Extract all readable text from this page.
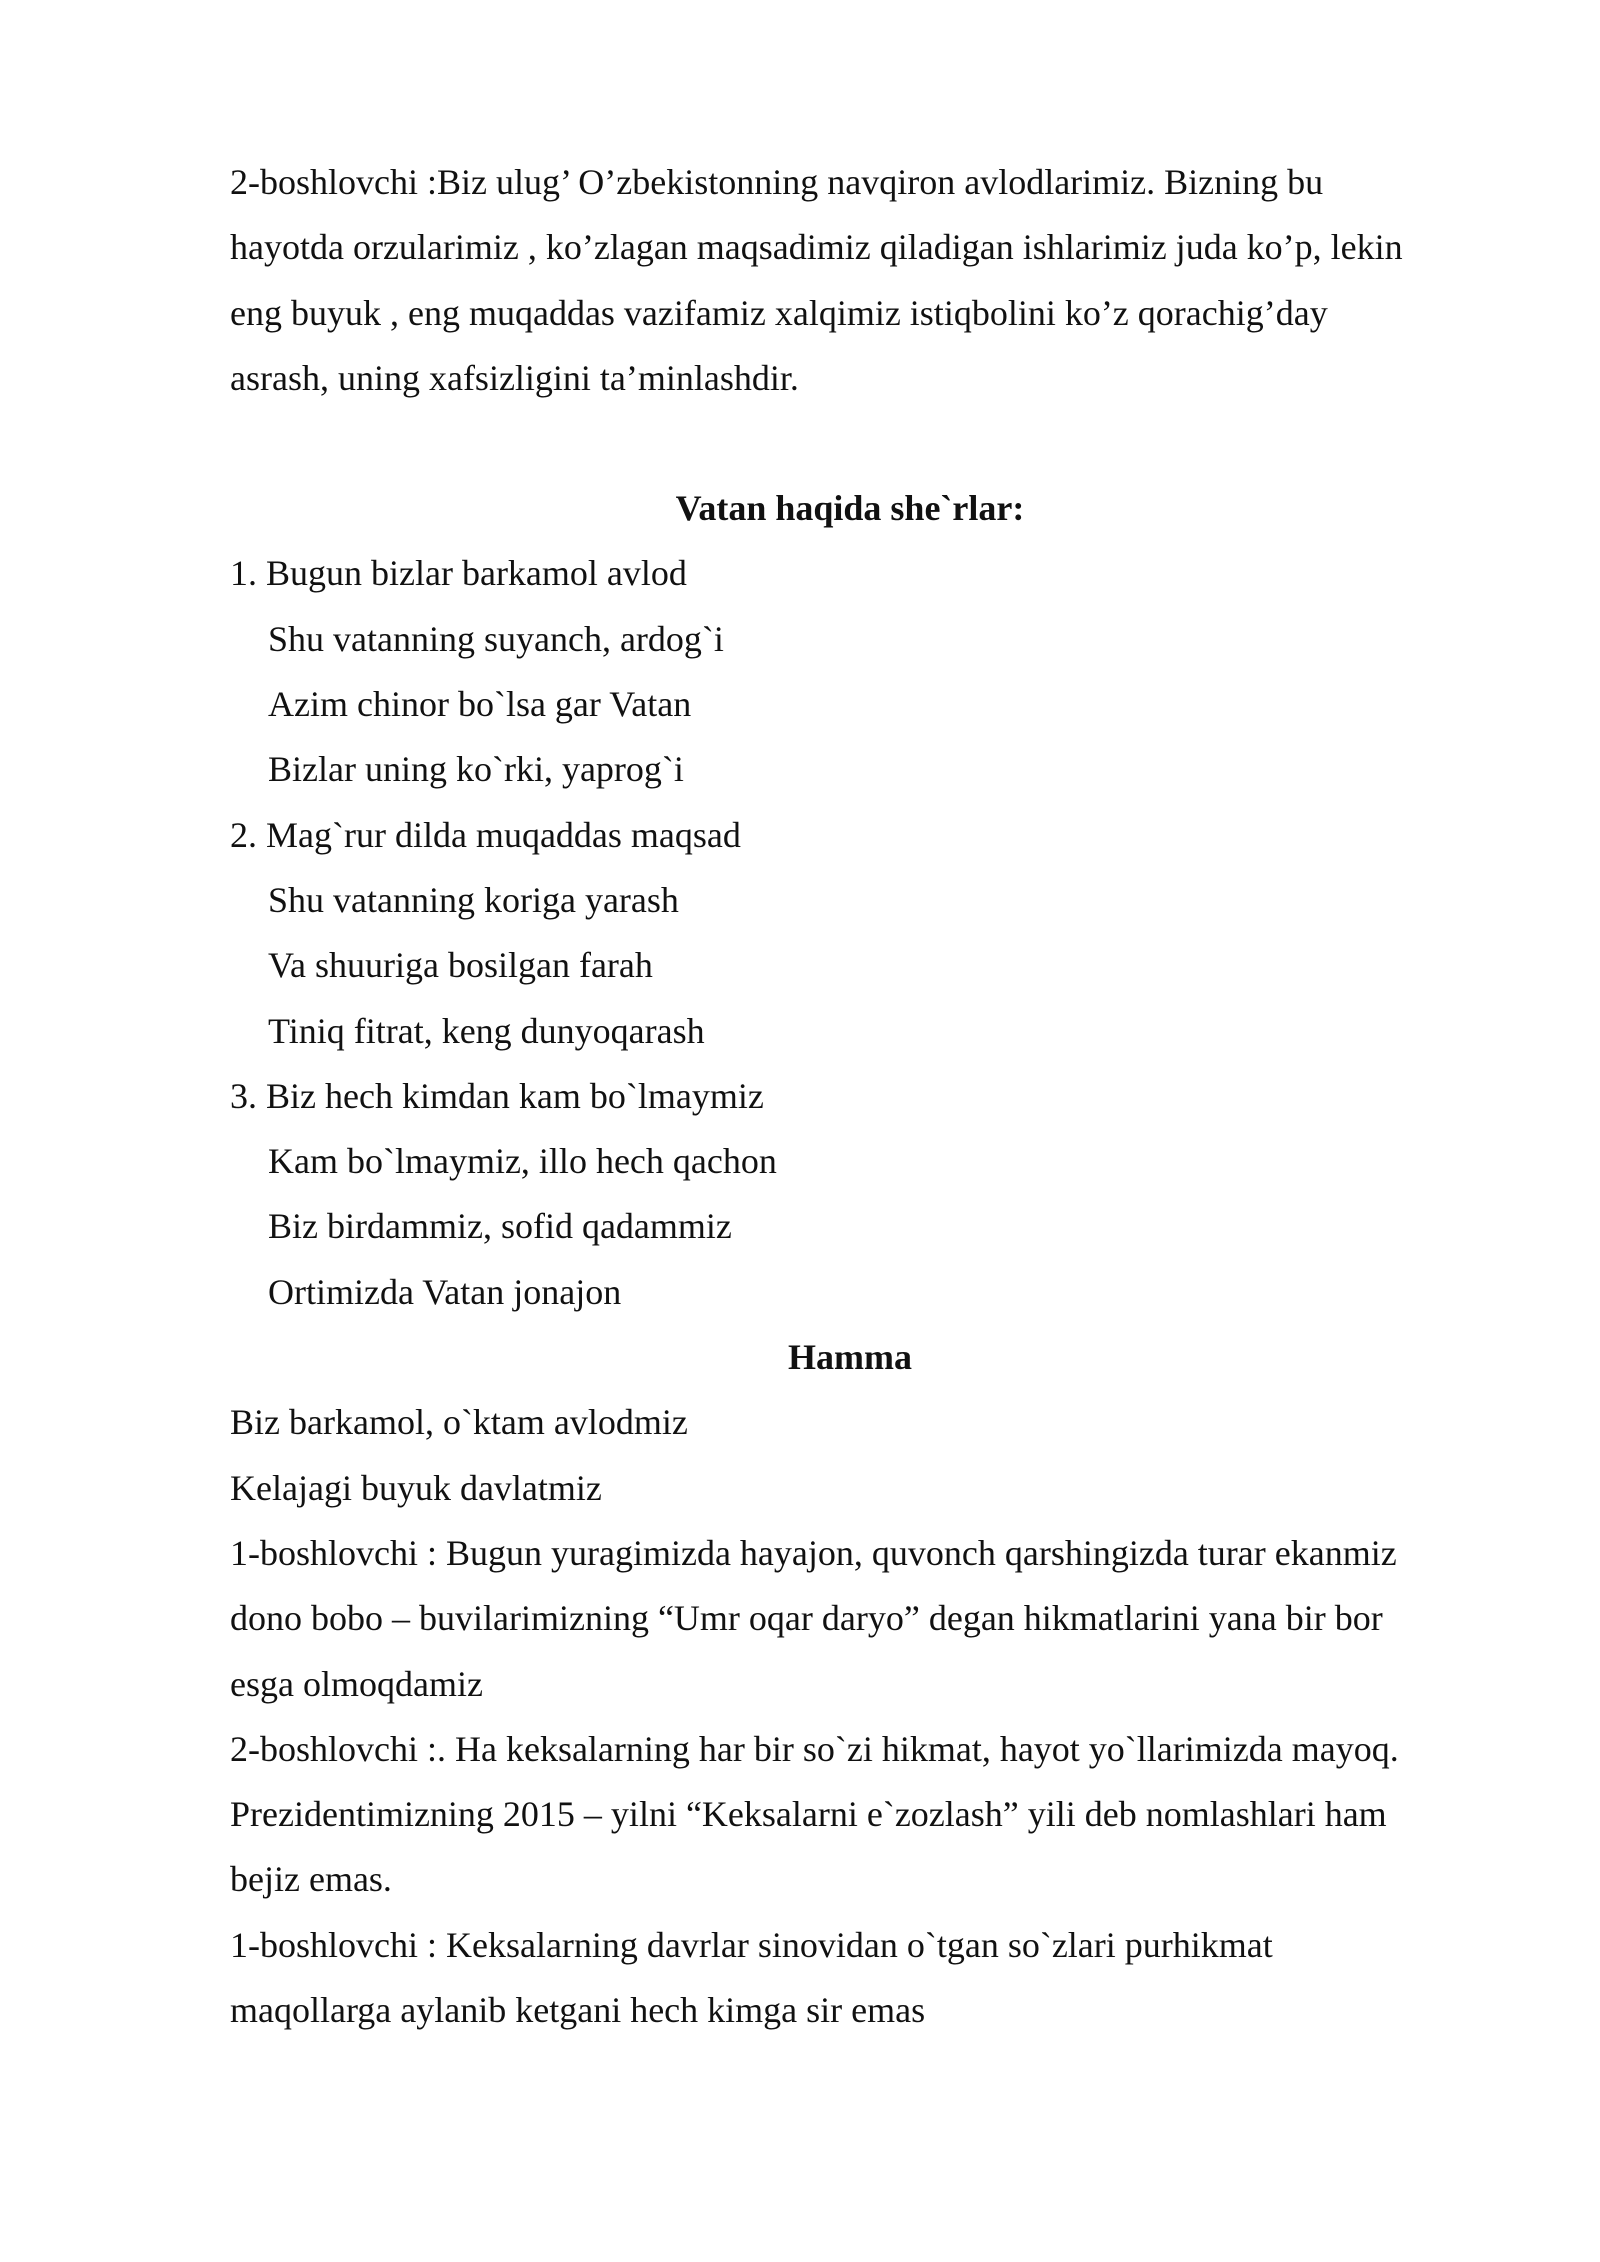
2-boshlovchi :Biz ulug’ O’zbekistonning navqiron avlodlarimiz. Bizning bu
hayotda orzularimiz , ko’zlagan maqsadimiz qiladigan ishlarimiz juda ko’p, lekin
eng buyuk , eng muqaddas vazifamiz xalqimiz istiqbolini ko’z qorachig’day
asrash, uning xafsizligini ta’minlashdir.

Vatan haqida she`rlar:

1. Bugun bizlar barkamol avlod

Shu vatanning suyanch, ardog`i

Azim chinor bo`lsa gar Vatan

Bizlar uning ko`rki, yaprog`i

2. Mag`rur dilda muqaddas maqsad

Shu vatanning koriga yarash

Va shuuriga bosilgan farah

Tiniq fitrat, keng dunyoqarash

3. Biz hech kimdan kam bo`lmaymiz

Kam bo`lmaymiz, illo hech qachon

Biz birdammiz, sofid qadammiz

Ortimizda Vatan jonajon

Hamma

Biz barkamol, o`ktam avlodmiz

Kelajagi buyuk davlatmiz

1-boshlovchi : Bugun yuragimizda hayajon, quvonch qarshingizda turar ekanmiz
dono bobo – buvilarimizning “Umr oqar daryo” degan hikmatlarini yana bir bor
esga olmoqdamiz

2-boshlovchi :. Ha keksalarning har bir so`zi hikmat, hayot yo`llarimizda mayoq.
Prezidentimizning 2015 – yilni “Keksalarni e`zozlash” yili deb nomlashlari ham
bejiz emas.

1-boshlovchi : Keksalarning davrlar sinovidan o`tgan so`zlari purhikmat
maqollarga aylanib ketgani hech kimga sir emas
